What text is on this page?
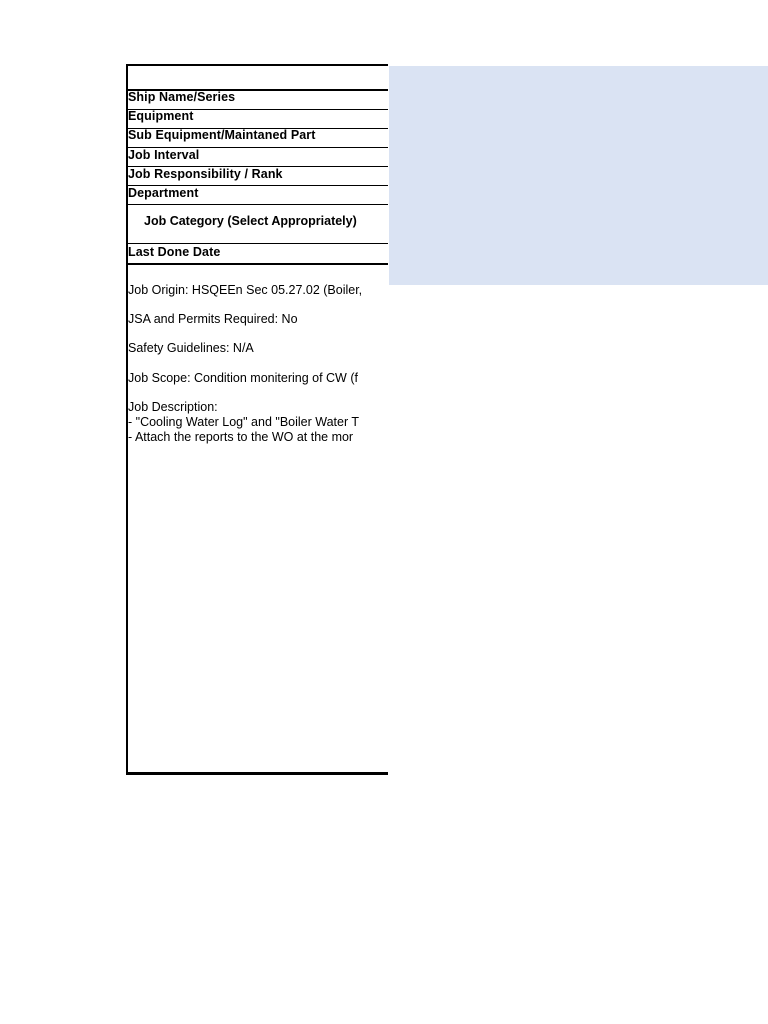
Ship Name/Series
Equipment
Sub Equipment/Maintaned Part
Job Interval
Job Responsibility / Rank
Department
Job Category (Select Appropriately)
Last Done Date
Job Origin: HSQEEn Sec 05.27.02 (Boiler,
JSA and Permits Required: No
Safety Guidelines: N/A
Job Scope: Condition monitering of CW (f
Job Description:
- "Cooling Water Log" and "Boiler Water T
- Attach the reports to the WO at the mor
